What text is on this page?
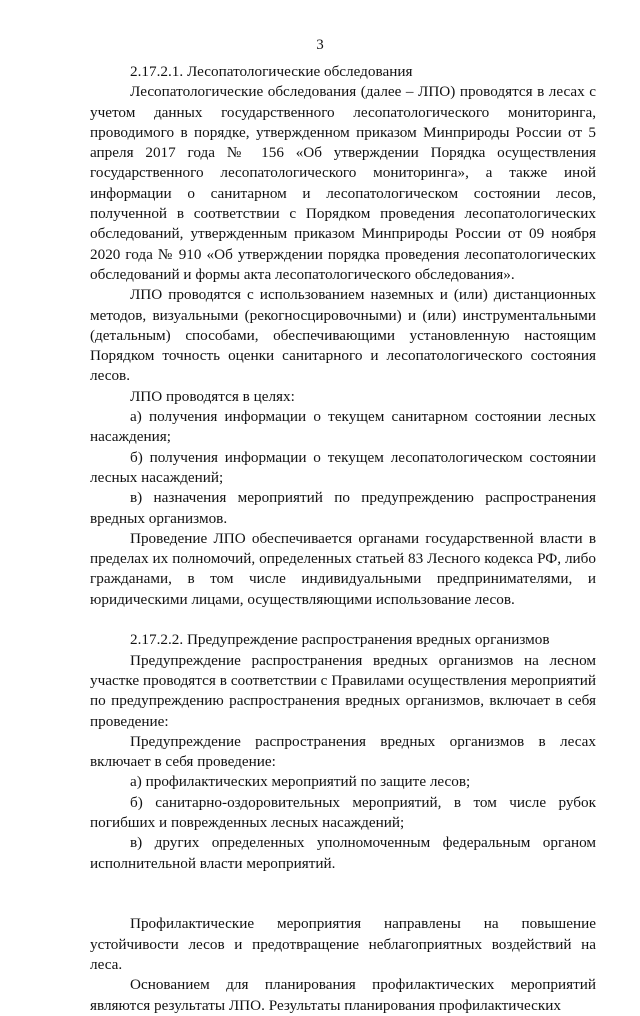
3

2.17.2.1. Лесопатологические обследования

Лесопатологические обследования (далее – ЛПО) проводятся в лесах с учетом данных государственного лесопатологического мониторинга, проводимого в порядке, утвержденном приказом Минприроды России от 5 апреля 2017 года № 156 «Об утверждении Порядка осуществления государственного лесопатологического мониторинга», а также иной информации о санитарном и лесопатологическом состоянии лесов, полученной в соответствии с Порядком проведения лесопатологических обследований, утвержденным приказом Минприроды России от 09 ноября 2020 года № 910 «Об утверждении порядка проведения лесопатологических обследований и формы акта лесопатологического обследования».

ЛПО проводятся с использованием наземных и (или) дистанционных методов, визуальными (рекогносцировочными) и (или) инструментальными (детальным) способами, обеспечивающими установленную настоящим Порядком точность оценки санитарного и лесопатологического состояния лесов.

ЛПО проводятся в целях:

а) получения информации о текущем санитарном состоянии лесных насаждения;

б) получения информации о текущем лесопатологическом состоянии лесных насаждений;

в) назначения мероприятий по предупреждению распространения вредных организмов.

Проведение ЛПО обеспечивается органами государственной власти в пределах их полномочий, определенных статьей 83 Лесного кодекса РФ, либо гражданами, в том числе индивидуальными предпринимателями, и юридическими лицами, осуществляющими использование лесов.

2.17.2.2. Предупреждение распространения вредных организмов

Предупреждение распространения вредных организмов на лесном участке проводятся в соответствии с Правилами осуществления мероприятий по предупреждению распространения вредных организмов, включает в себя проведение:

Предупреждение распространения вредных организмов в лесах включает в себя проведение:

а) профилактических мероприятий по защите лесов;

б) санитарно-оздоровительных мероприятий, в том числе рубок погибших и поврежденных лесных насаждений;

в) других определенных уполномоченным федеральным органом исполнительной власти мероприятий.

Профилактические мероприятия направлены на повышение устойчивости лесов и предотвращение неблагоприятных воздействий на леса.

Основанием для планирования профилактических мероприятий являются результаты ЛПО. Результаты планирования профилактических
